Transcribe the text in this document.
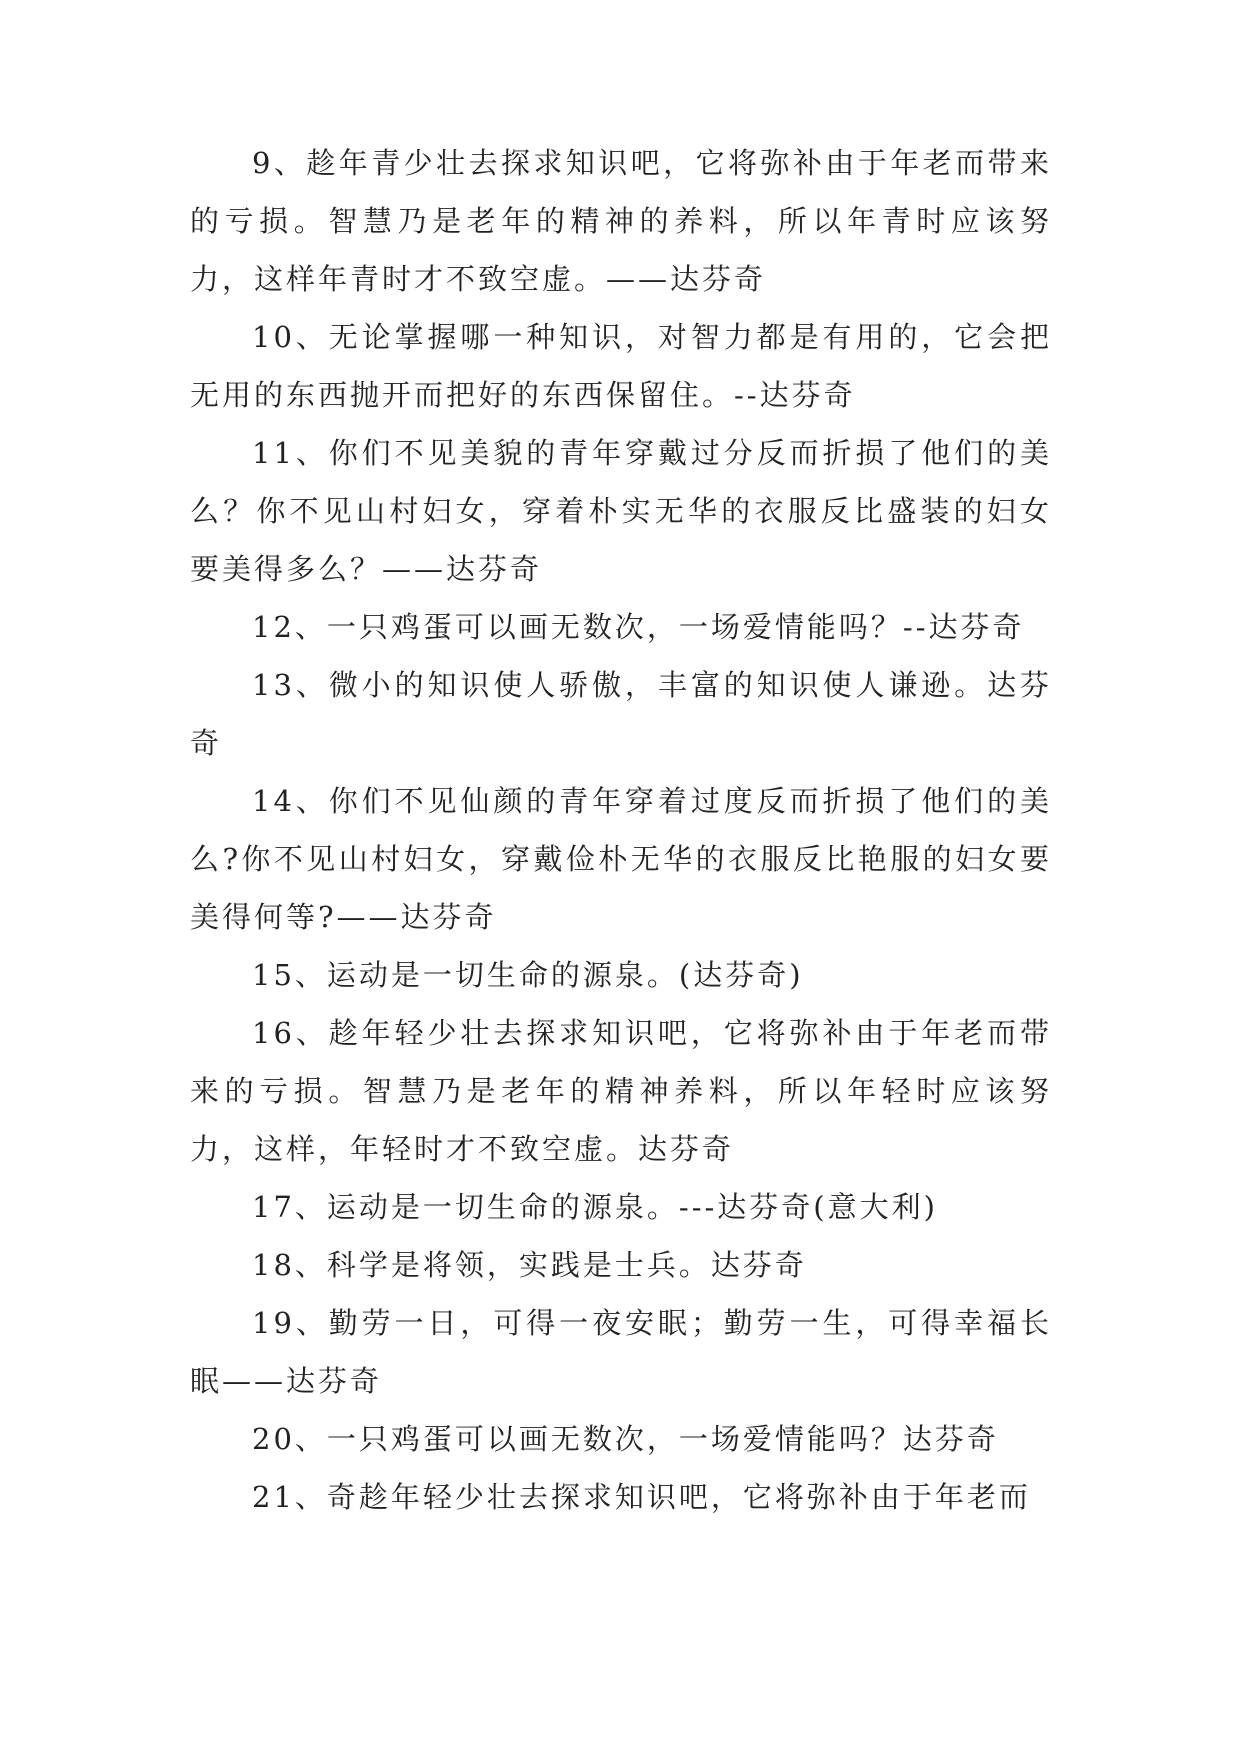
9、趁年青少壮去探求知识吧，它将弥补由于年老而带来的亏损。智慧乃是老年的精神的养料，所以年青时应该努力，这样年青时才不致空虚。——达芬奇

10、无论掌握哪一种知识，对智力都是有用的，它会把无用的东西抛开而把好的东西保留住。--达芬奇

11、你们不见美貌的青年穿戴过分反而折损了他们的美么？你不见山村妇女，穿着朴实无华的衣服反比盛装的妇女要美得多么？——达芬奇

12、一只鸡蛋可以画无数次，一场爱情能吗？--达芬奇

13、微小的知识使人骄傲，丰富的知识使人谦逊。达芬奇

14、你们不见仙颜的青年穿着过度反而折损了他们的美么?你不见山村妇女，穿戴俭朴无华的衣服反比艳服的妇女要美得何等?——达芬奇

15、运动是一切生命的源泉。(达芬奇)

16、趁年轻少壮去探求知识吧，它将弥补由于年老而带来的亏损。智慧乃是老年的精神养料，所以年轻时应该努力，这样，年轻时才不致空虚。达芬奇

17、运动是一切生命的源泉。---达芬奇(意大利)

18、科学是将领，实践是士兵。达芬奇

19、勤劳一日，可得一夜安眠；勤劳一生，可得幸福长眠——达芬奇

20、一只鸡蛋可以画无数次，一场爱情能吗？达芬奇

21、奇趁年轻少壮去探求知识吧，它将弥补由于年老而
